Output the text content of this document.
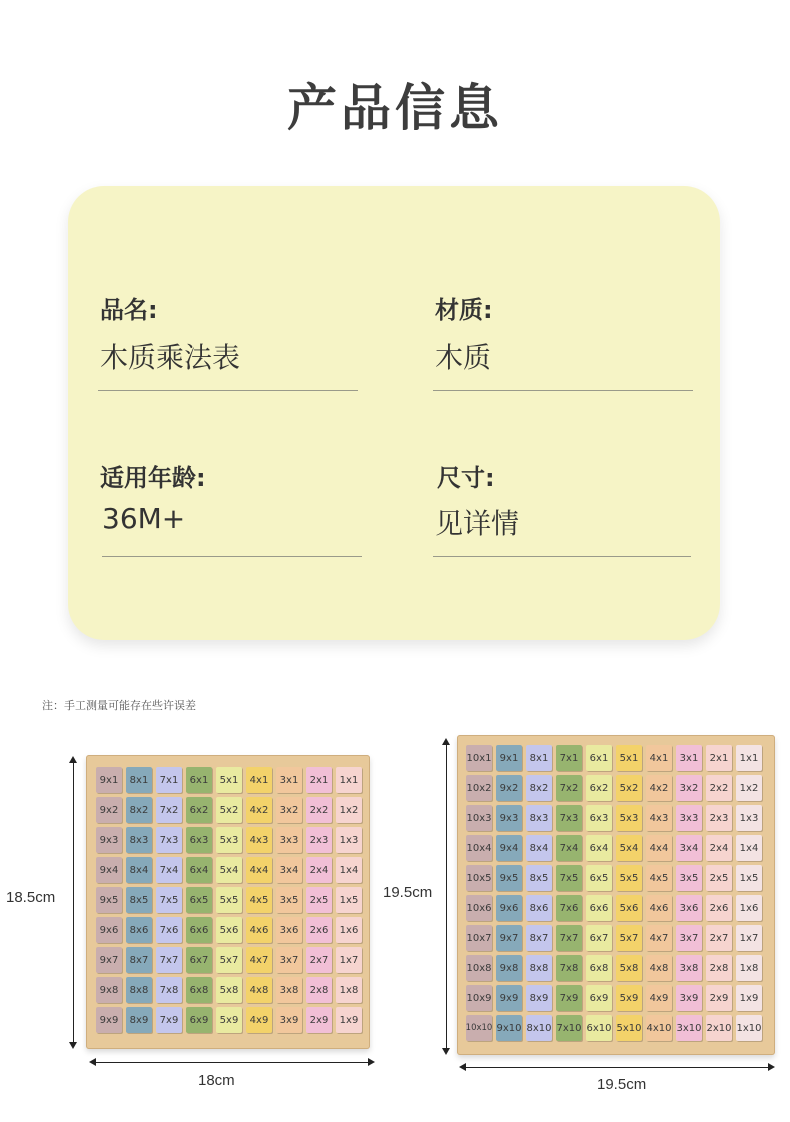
产品信息
品名:
木质乘法表
材质:
木质
适用年龄:
36M+
尺寸:
见详情
注：手工测量可能存在些许误差
9x1	8x1	7x1	6x1	5x1	4x1	3x1	2x1	1x1
9x2	8x2	7x2	6x2	5x2	4x2	3x2	2x2	1x2
9x3	8x3	7x3	6x3	5x3	4x3	3x3	2x3	1x3
9x4	8x4	7x4	6x4	5x4	4x4	3x4	2x4	1x4
9x5	8x5	7x5	6x5	5x5	4x5	3x5	2x5	1x5
9x6	8x6	7x6	6x6	5x6	4x6	3x6	2x6	1x6
9x7	8x7	7x7	6x7	5x7	4x7	3x7	2x7	1x7
9x8	8x8	7x8	6x8	5x8	4x8	3x8	2x8	1x8
9x9	8x9	7x9	6x9	5x9	4x9	3x9	2x9	1x9
18.5cm
18cm
10x1 9x1	8x1	7x1	6x1	5x1	4x1	3x1	2x1	1x1
10x2 9x2	8x2	7x2	6x2	5x2	4x2	3x2	2x2	1x2
10x3 9x3	8x3	7x3	6x3	5x3	4x3	3x3	2x3	1x3
10x4 9x4	8x4	7x4	6x4	5x4	4x4	3x4	2x4	1x4
10x5 9x5	8x5	7x5	6x5	5x5	4x5	3x5	2x5	1x5
10x6 9x6	8x6	7x6	6x6	5x6	4x6	3x6	2x6	1x6
10x7 9x7	8x7	7x7	6x7	5x7	4x7	3x7	2x7	1x7
10x8 9x8	8x8	7x8	6x8	5x8	4x8	3x8	2x8	1x8
10x9 9x9	8x9	7x9	6x9	5x9	4x9	3x9	2x9	1x9
10x10 9x10 8x10 7x10 6x10 5x10 4x10 3x10 2x10 1x10
19.5cm
19.5cm
